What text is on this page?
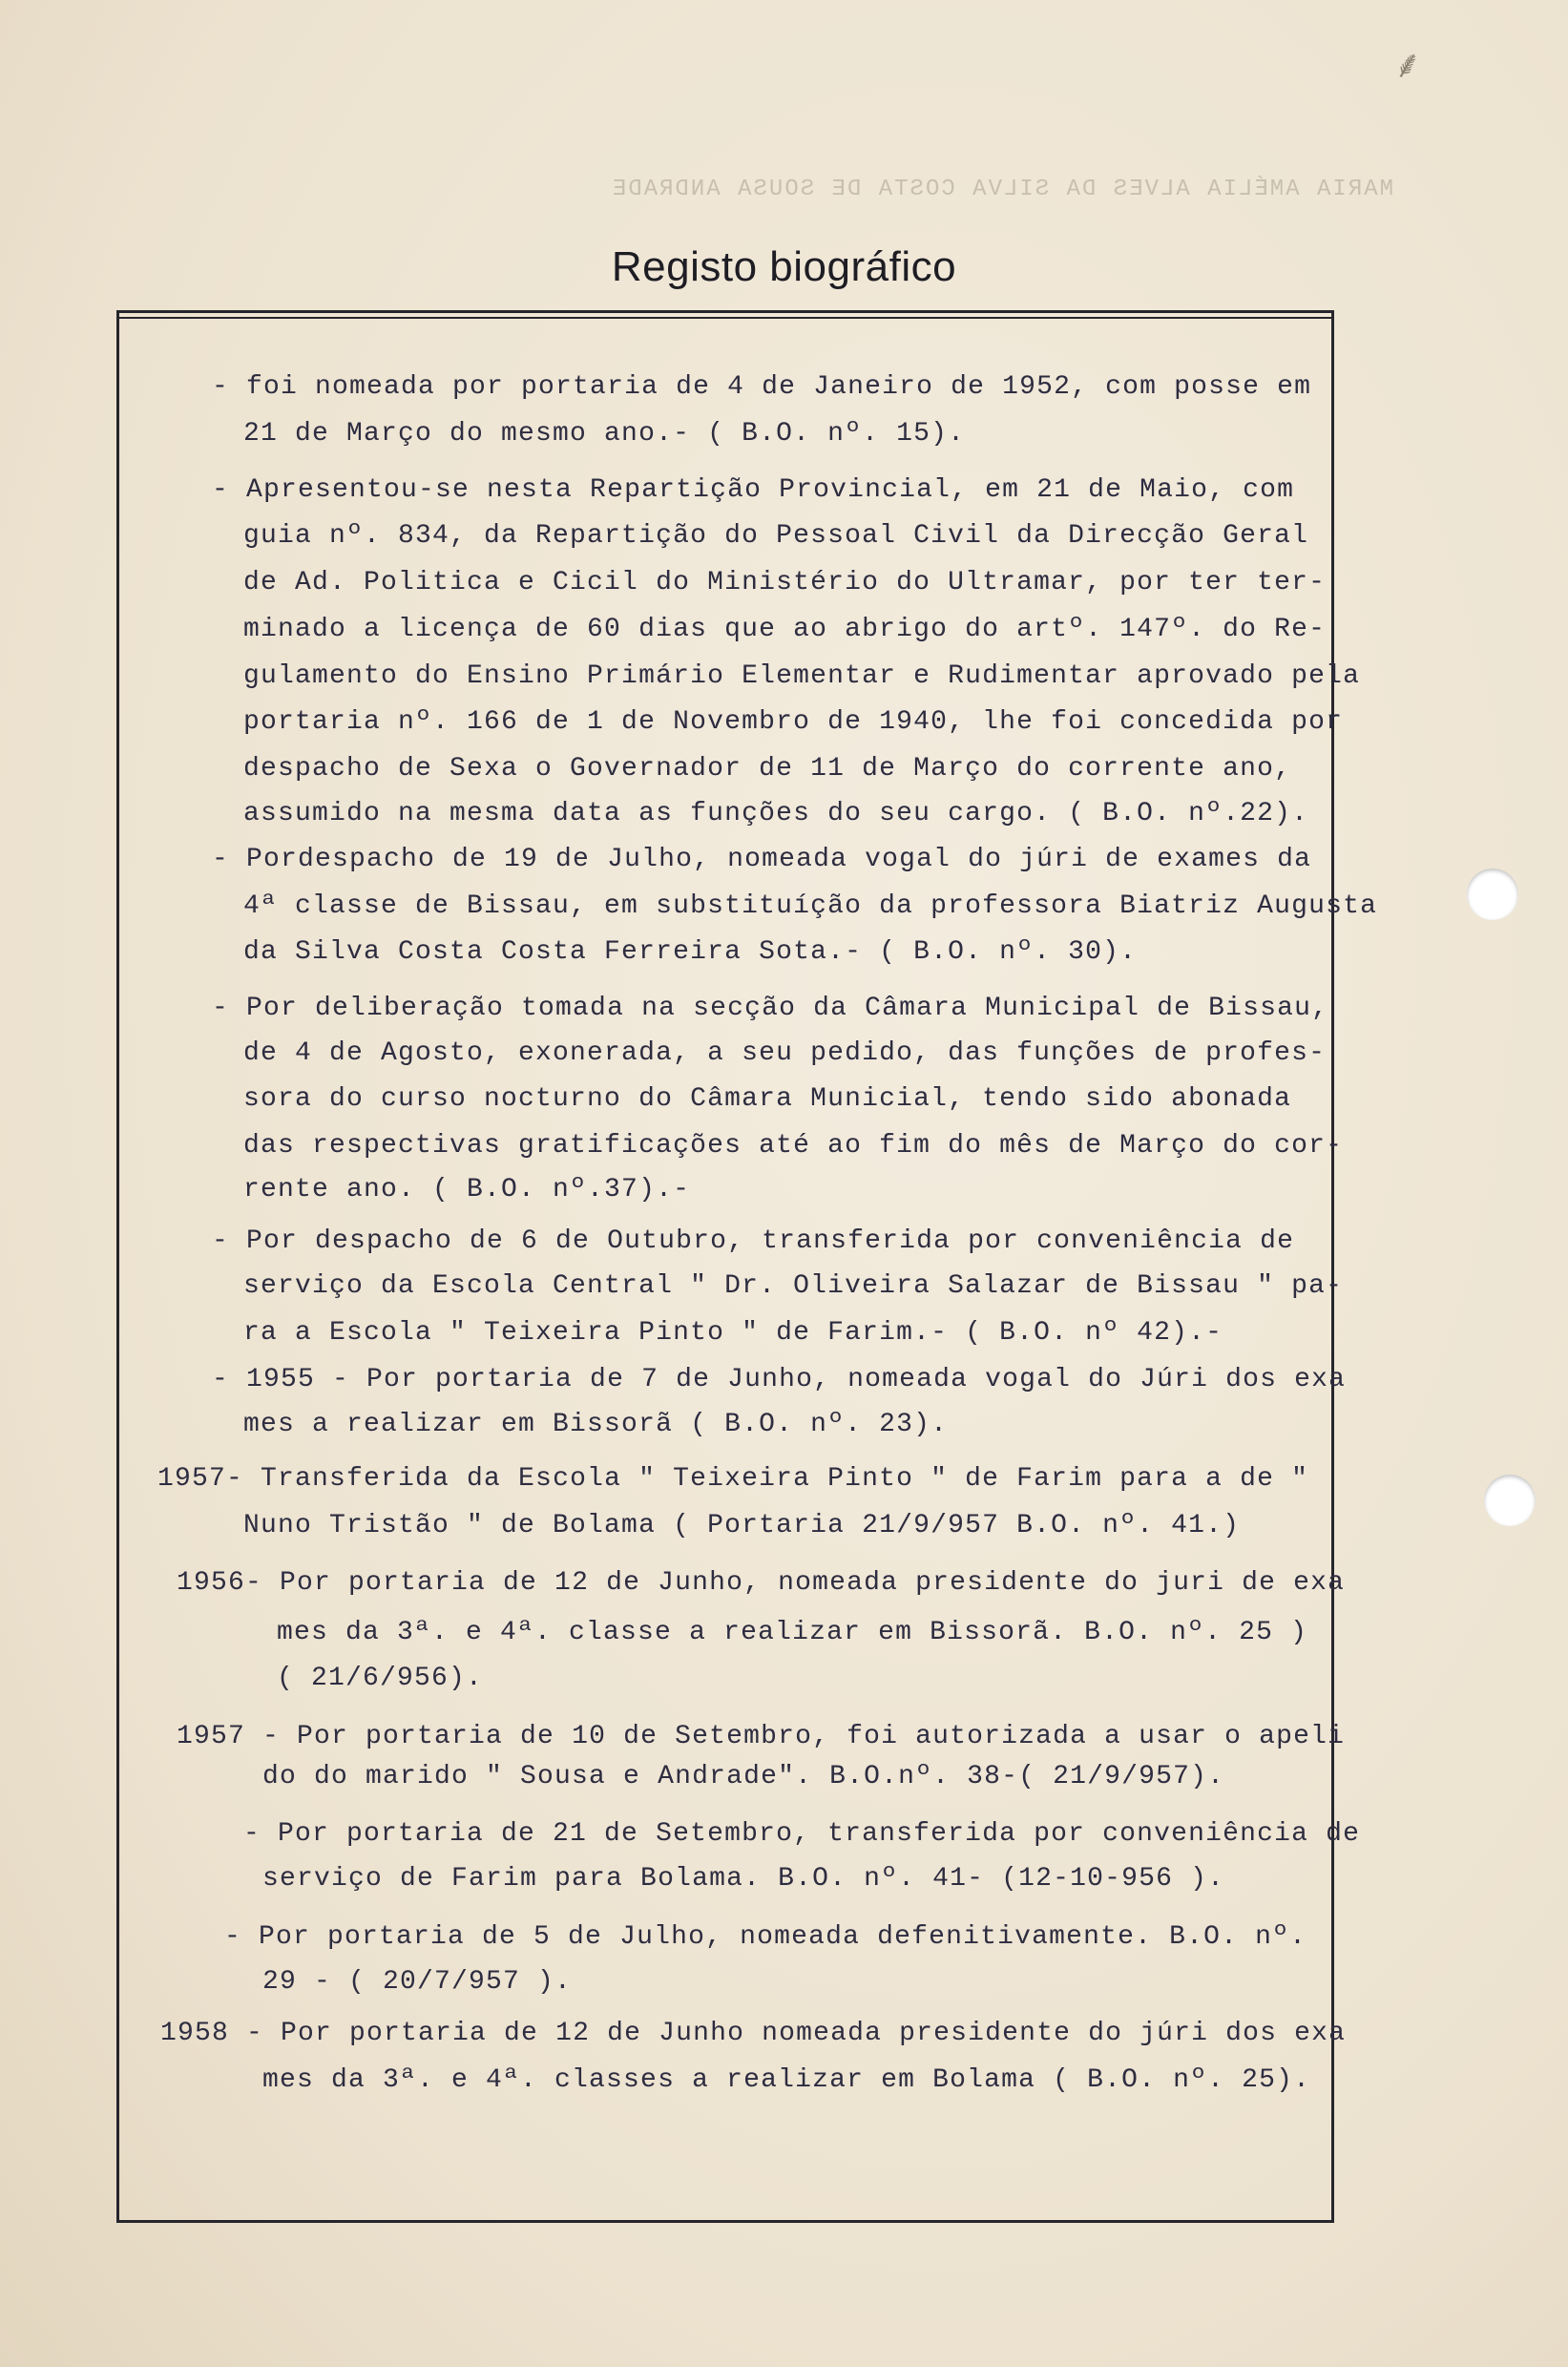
⸙
MARIA AMÉLIA ALVES DA SILVA COSTA DE SOUSA ANDRADE
Registo biográfico
- foi nomeada por portaria de 4 de Janeiro de 1952, com posse em
21 de Março do mesmo ano.- ( B.O. nº. 15).
- Apresentou-se nesta Repartição Provincial, em 21 de Maio, com
guia nº. 834, da Repartição do Pessoal Civil da Direcção Geral
de Ad. Politica e Cicil do Ministério do Ultramar, por ter ter-
minado a licença de 60 dias que ao abrigo do artº. 147º. do Re-
gulamento do Ensino Primário Elementar e Rudimentar aprovado pela
portaria nº. 166 de 1 de Novembro de 1940, lhe foi concedida por
despacho de Sexa o Governador de 11 de Março do corrente ano,
assumido na mesma data as funções do seu cargo. ( B.O. nº.22).
- Pordespacho de 19 de Julho, nomeada vogal do júri de exames da
4ª classe de Bissau, em substituíção da professora Biatriz Augusta
da Silva Costa Costa Ferreira Sota.- ( B.O. nº. 30).
- Por deliberação tomada na secção da Câmara Municipal de Bissau,
de 4 de Agosto, exonerada, a seu pedido, das funções de profes-
sora do curso nocturno do Câmara Municial, tendo sido abonada
das respectivas gratificações até ao fim do mês de Março do cor-
rente ano. ( B.O. nº.37).-
- Por despacho de 6 de Outubro, transferida por conveniência de
serviço da Escola Central " Dr. Oliveira Salazar de Bissau " pa-
ra a Escola " Teixeira Pinto " de Farim.- ( B.O. nº 42).-
- 1955 - Por portaria de 7 de Junho, nomeada vogal do Júri dos exa
mes a realizar em Bissorã ( B.O. nº. 23).
1957- Transferida da Escola " Teixeira Pinto " de Farim para a de "
Nuno Tristão " de Bolama ( Portaria 21/9/957 B.O. nº. 41.)
1956- Por portaria de 12 de Junho, nomeada presidente do juri de exa
mes da 3ª. e 4ª. classe a realizar em Bissorã. B.O. nº. 25 )
( 21/6/956).
1957 - Por portaria de 10 de Setembro, foi autorizada a usar o apeli
do do marido " Sousa e Andrade". B.O.nº. 38-( 21/9/957).
- Por portaria de 21 de Setembro, transferida por conveniência de
serviço de Farim para Bolama. B.O. nº. 41- (12-10-956 ).
- Por portaria de 5 de Julho, nomeada defenitivamente. B.O. nº.
29 - ( 20/7/957 ).
1958 - Por portaria de 12 de Junho nomeada presidente do júri dos exa
mes da 3ª. e 4ª. classes a realizar em Bolama ( B.O. nº. 25).
